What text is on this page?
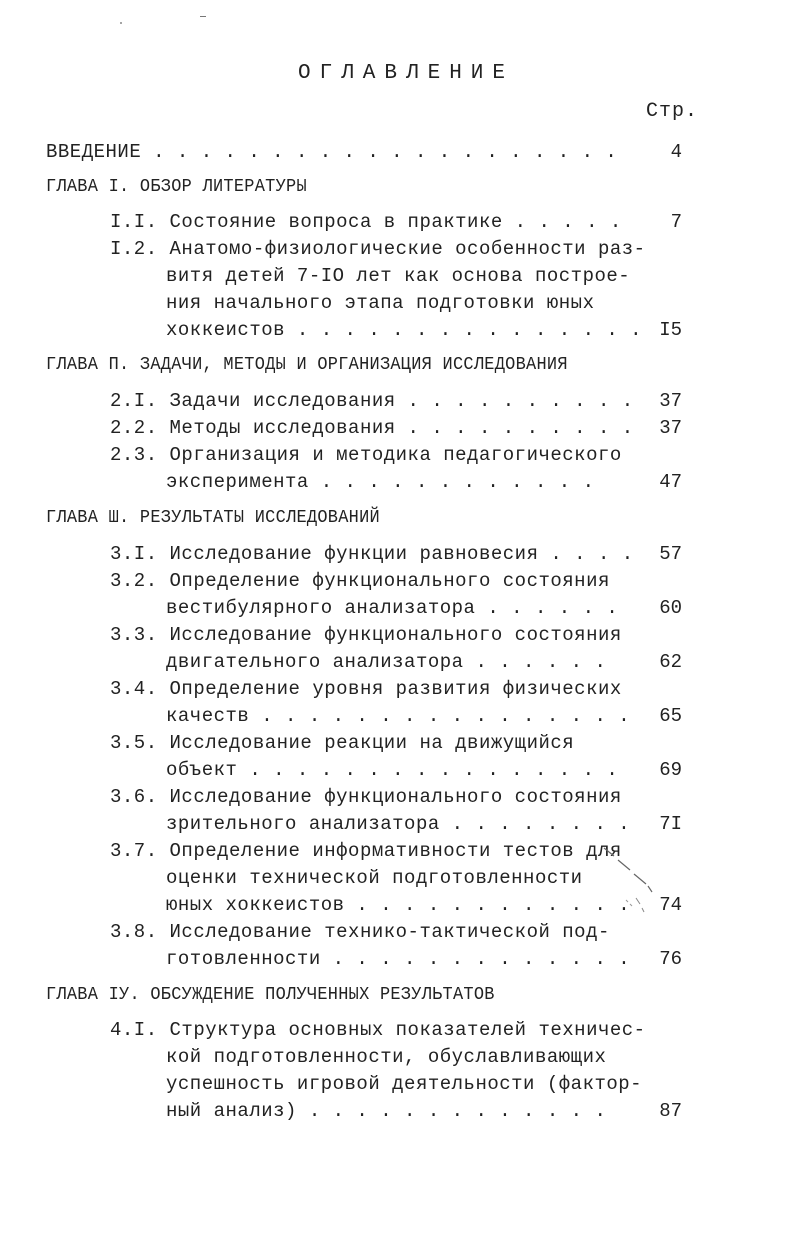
ОГЛАВЛЕНИЕ
Стр.
ВВЕДЕНИЕ . . . . . . . . . . . . . . . . . . . .	4
ГЛАВА I. ОБЗОР ЛИТЕРАТУРЫ
I.I. Состояние вопроса в практике . . . . .	7
I.2. Анатомо-физиологические особенности раз-
витя детей 7-IO лет как основа построе-
ния начального этапа подготовки юных
хоккеистов . . . . . . . . . . . . . . . I5
ГЛАВА П. ЗАДАЧИ, МЕТОДЫ И ОРГАНИЗАЦИЯ ИССЛЕДОВАНИЯ
2.I. Задачи исследования . . . . . . . . . .	37
2.2. Методы исследования . . . . . . . . . .	37
2.3. Организация и методика педагогического
эксперимента . . . . . . . . . . . .	47
ГЛАВА Ш. РЕЗУЛЬТАТЫ ИССЛЕДОВАНИЙ
3.I. Исследование функции равновесия . . . .	57
3.2. Определение функционального состояния
вестибулярного анализатора . . . . . .	60
3.3. Исследование функционального состояния
двигательного анализатора . . . . . .	62
3.4. Определение уровня развития физических
качеств . . . . . . . . . . . . . . . .	65
3.5. Исследование реакции на движущийся
объект . . . . . . . . . . . . . . . .	69
3.6. Исследование функционального состояния
зрительного анализатора . . . . . . . .	7I
3.7. Определение информативности тестов для
оценки технической подготовленности
юных хоккеистов . . . . . . . . . . . .	74
3.8. Исследование технико-тактической под-
готовленности . . . . . . . . . . . . .	76
ГЛАВА IУ. ОБСУЖДЕНИЕ ПОЛУЧЕННЫХ РЕЗУЛЬТАТОВ
4.I. Структура основных показателей техничес-
кой подготовленности, обуславливающих
успешность игровой деятельности (фактор-
ный анализ) . . . . . . . . . . . . .	87
